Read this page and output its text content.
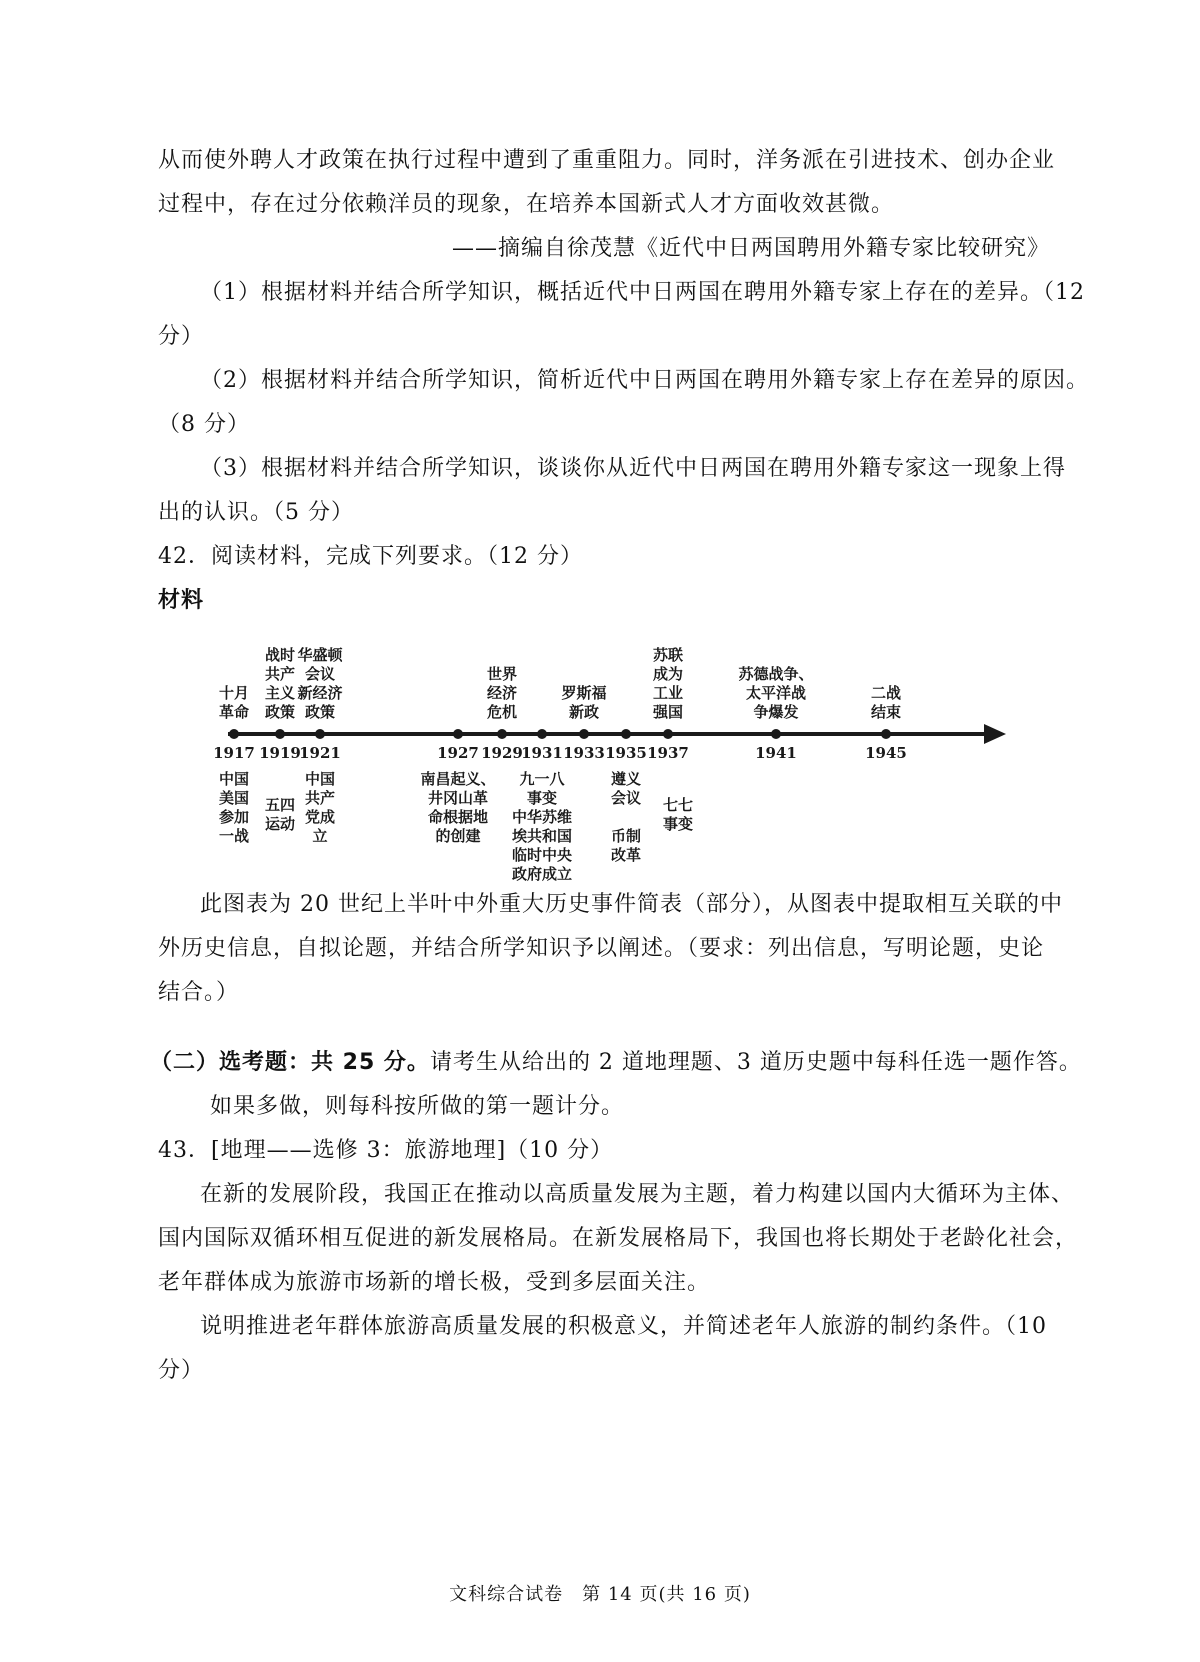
从而使外聘人才政策在执行过程中遭到了重重阻力。同时，洋务派在引进技术、创办企业
过程中，存在过分依赖洋员的现象，在培养本国新式人才方面收效甚微。
——摘编自徐茂慧《近代中日两国聘用外籍专家比较研究》
（1）根据材料并结合所学知识，概括近代中日两国在聘用外籍专家上存在的差异。（12
分）
（2）根据材料并结合所学知识，简析近代中日两国在聘用外籍专家上存在差异的原因。
（8 分）
（3）根据材料并结合所学知识，谈谈你从近代中日两国在聘用外籍专家这一现象上得
出的认识。（5 分）
42．阅读材料，完成下列要求。（12 分）
材料
1917 1919
1921	1927 1929
1931 1933 1935 1937	1941	1945
十月
革命
战时
共产
主义
政策
华盛顿
会议
新经济
政策
世界
经济
危机
罗斯福
新政
苏联
成为
工业
强国
苏德战争、
太平洋战
争爆发
二战
结束
中国
美国
参加
一战
五四
运动
中国
共产
党成
立
南昌起义、
井冈山革
命根据地
的创建
九一八
事变
中华苏维
埃共和国
临时中央
政府成立
遵义
会议

币制
改革
七七
事变
此图表为 20 世纪上半叶中外重大历史事件简表（部分），从图表中提取相互关联的中
外历史信息，自拟论题，并结合所学知识予以阐述。（要求：列出信息，写明论题，史论
结合。）
（二）选考题：共 25 分。请考生从给出的 2 道地理题、3 道历史题中每科任选一题作答。
如果多做，则每科按所做的第一题计分。
43．[地理——选修 3：旅游地理]（10 分）
在新的发展阶段，我国正在推动以高质量发展为主题，着力构建以国内大循环为主体、
国内国际双循环相互促进的新发展格局。在新发展格局下，我国也将长期处于老龄化社会，
老年群体成为旅游市场新的增长极，受到多层面关注。
说明推进老年群体旅游高质量发展的积极意义，并简述老年人旅游的制约条件。（10
分）
文科综合试卷　第 14 页(共 16 页)
